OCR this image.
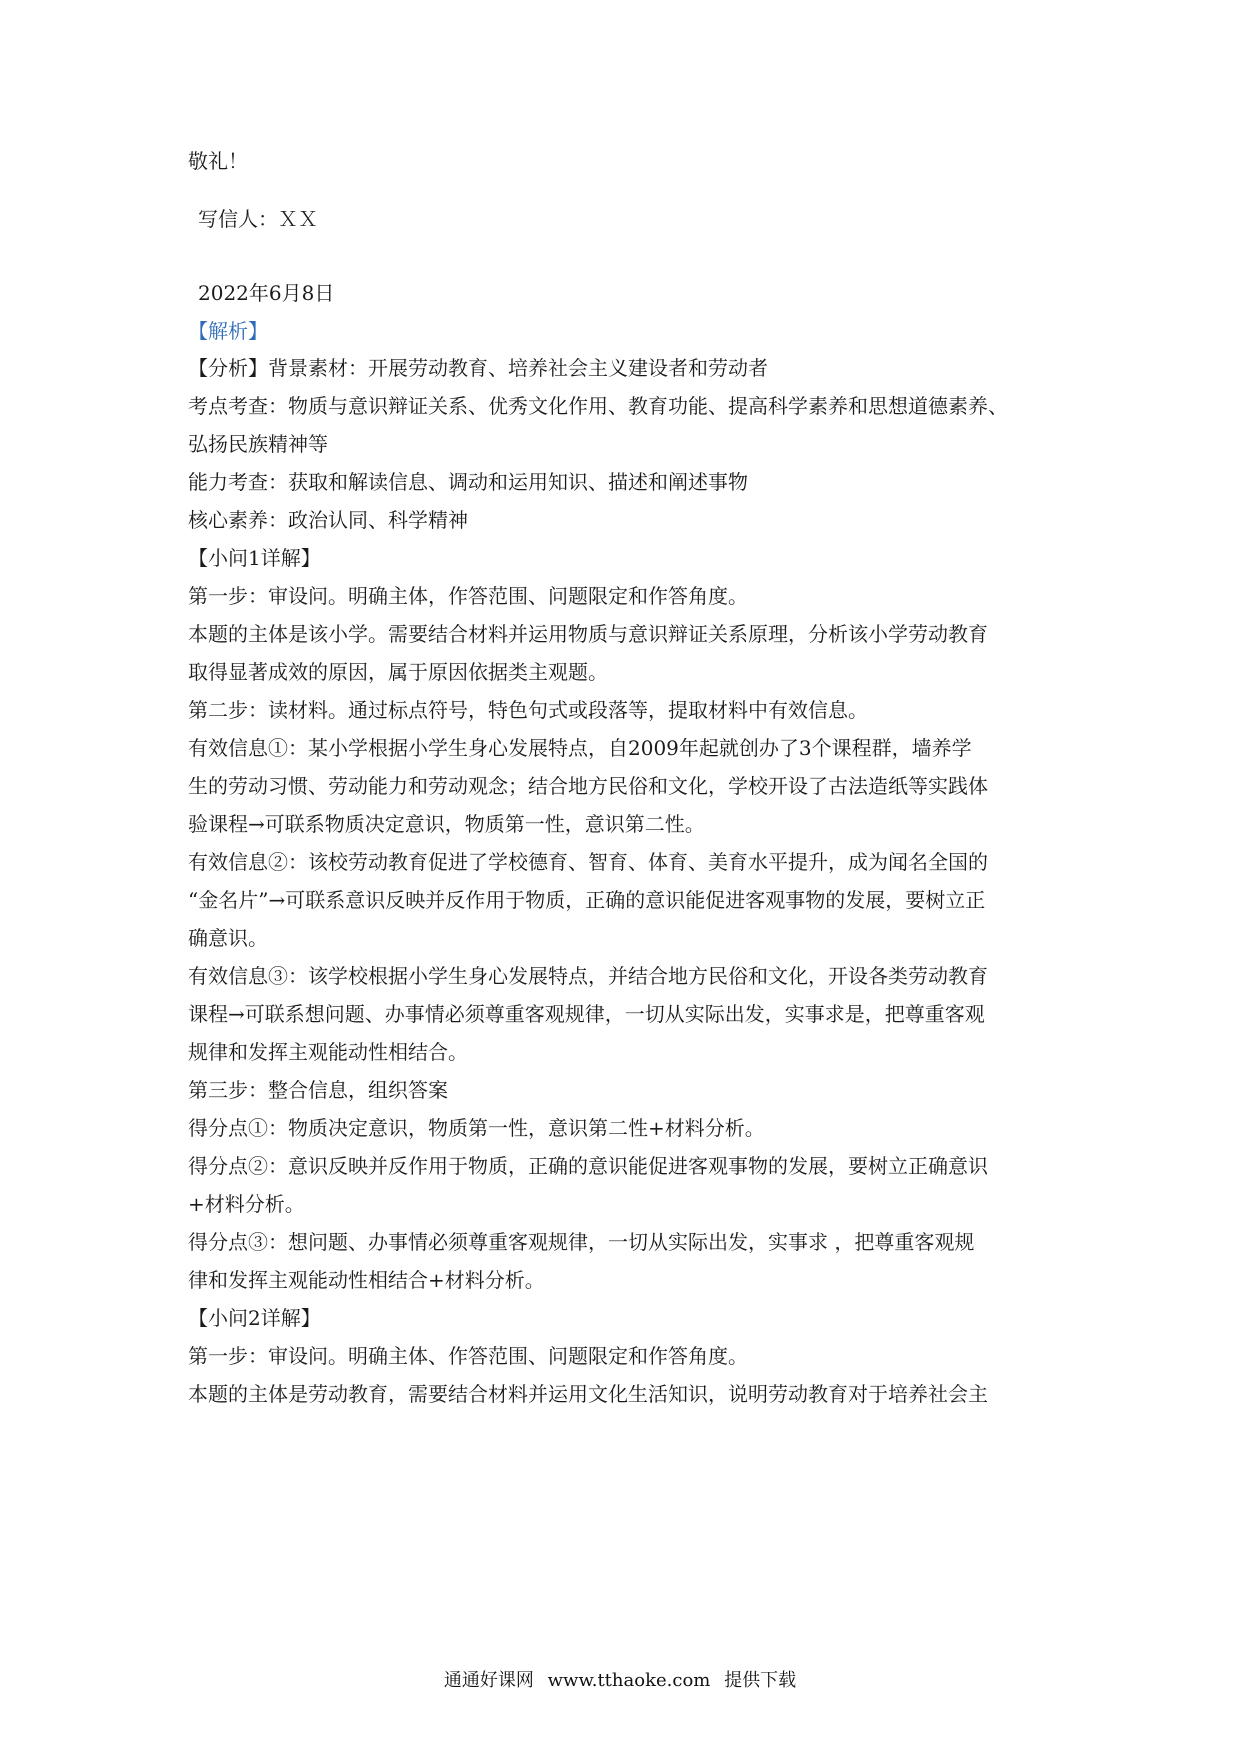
敬礼！
写信人：ＸＸ
2022年6月8日
【解析】
【分析】背景素材：开展劳动教育、培养社会主义建设者和劳动者
考点考查：物质与意识辩证关系、优秀文化作用、教育功能、提高科学素养和思想道德素养、
弘扬民族精神等
能力考查：获取和解读信息、调动和运用知识、描述和阐述事物
核心素养：政治认同、科学精神
【小问1详解】
第一步：审设问。明确主体，作答范围、问题限定和作答角度。
本题的主体是该小学。需要结合材料并运用物质与意识辩证关系原理，分析该小学劳动教育
取得显著成效的原因，属于原因依据类主观题。
第二步：读材料。通过标点符号，特色句式或段落等，提取材料中有效信息。
有效信息①：某小学根据小学生身心发展特点，自2009年起就创办了3个课程群，墙养学
生的劳动习惯、劳动能力和劳动观念；结合地方民俗和文化，学校开设了古法造纸等实践体
验课程→可联系物质决定意识，物质第一性，意识第二性。
有效信息②：该校劳动教育促进了学校德育、智育、体育、美育水平提升，成为闻名全国的
“金名片”→可联系意识反映并反作用于物质，正确的意识能促进客观事物的发展，要树立正
确意识。
有效信息③：该学校根据小学生身心发展特点，并结合地方民俗和文化，开设各类劳动教育
课程→可联系想问题、办事情必须尊重客观规律，一切从实际出发，实事求是，把尊重客观
规律和发挥主观能动性相结合。
第三步：整合信息，组织答案
得分点①：物质决定意识，物质第一性，意识第二性+材料分析。
得分点②：意识反映并反作用于物质，正确的意识能促进客观事物的发展，要树立正确意识
+材料分析。
得分点③：想问题、办事情必须尊重客观规律，一切从实际出发，实事求 ，把尊重客观规
律和发挥主观能动性相结合+材料分析。
【小问2详解】
第一步：审设问。明确主体、作答范围、问题限定和作答角度。
本题的主体是劳动教育，需要结合材料并运用文化生活知识，说明劳动教育对于培养社会主
通通好课网 www.tthaoke.com 提供下载
